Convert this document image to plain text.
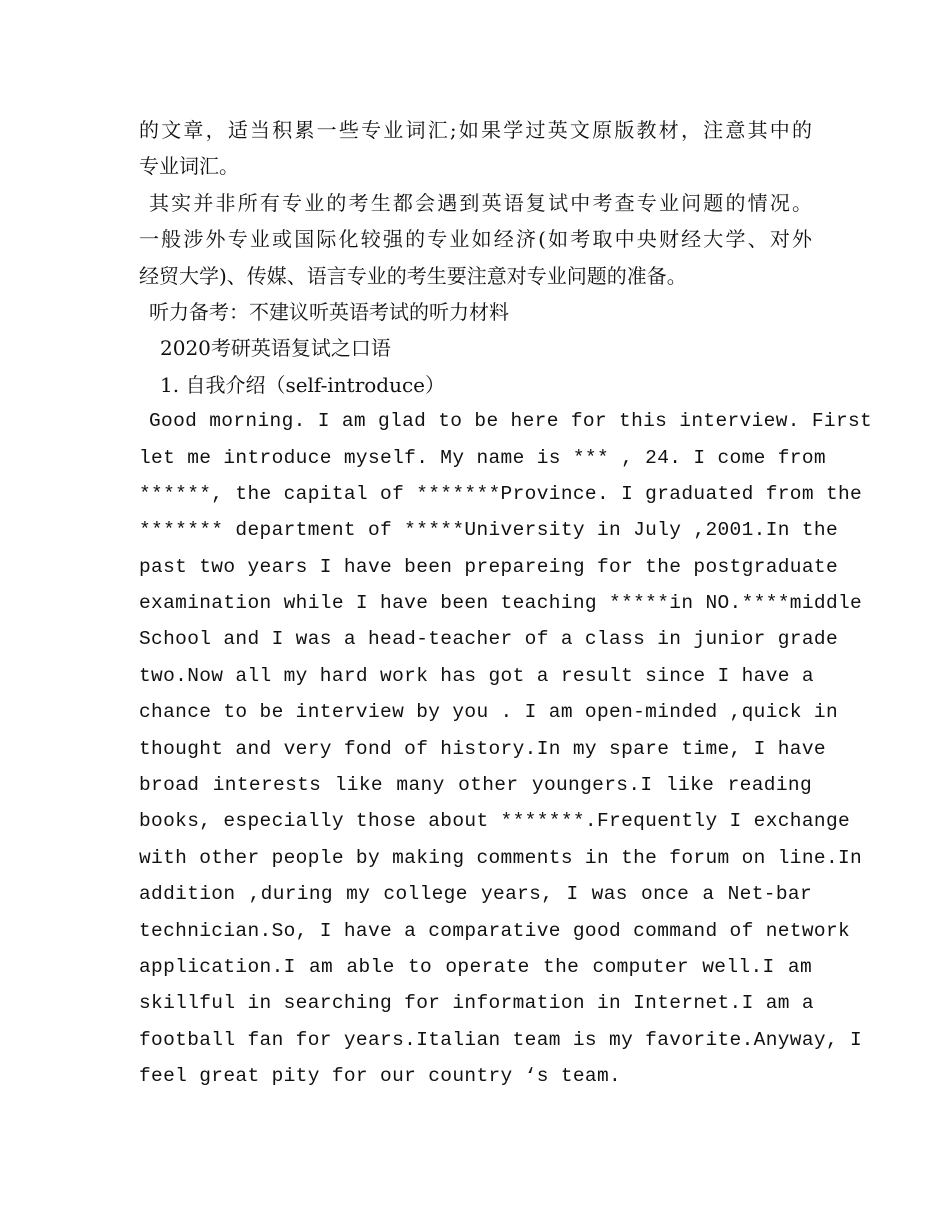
的文章，适当积累一些专业词汇;如果学过英文原版教材，注意其中的
专业词汇。
其实并非所有专业的考生都会遇到英语复试中考查专业问题的情况。
一般涉外专业或国际化较强的专业如经济(如考取中央财经大学、对外
经贸大学)、传媒、语言专业的考生要注意对专业问题的准备。
听力备考：不建议听英语考试的听力材料
2020考研英语复试之口语
1. 自我介绍（self-introduce）
Good morning. I am glad to be here for this interview. First
let me introduce myself. My name is *** , 24. I come from
******, the capital of *******Province. I graduated from the
******* department of *****University in July ,2001.In the
past two years I have been prepareing for the postgraduate
examination while I have been teaching *****in NO.****middle
School and I was a head-teacher of a class in junior grade
two.Now all my hard work has got a result since I have a
chance to be interview by you . I am open-minded ,quick in
thought and very fond of history.In my spare time, I have
broad interests like many other youngers.I like reading
books, especially those about *******.Frequently I exchange
with other people by making comments in the forum on line.In
addition ,during my college years, I was once a Net-bar
technician.So, I have a comparative good command of network
application.I am able to operate the computer well.I am
skillful in searching for information in Internet.I am a
football fan for years.Italian team is my favorite.Anyway, I
feel great pity for our country ‘s team.
